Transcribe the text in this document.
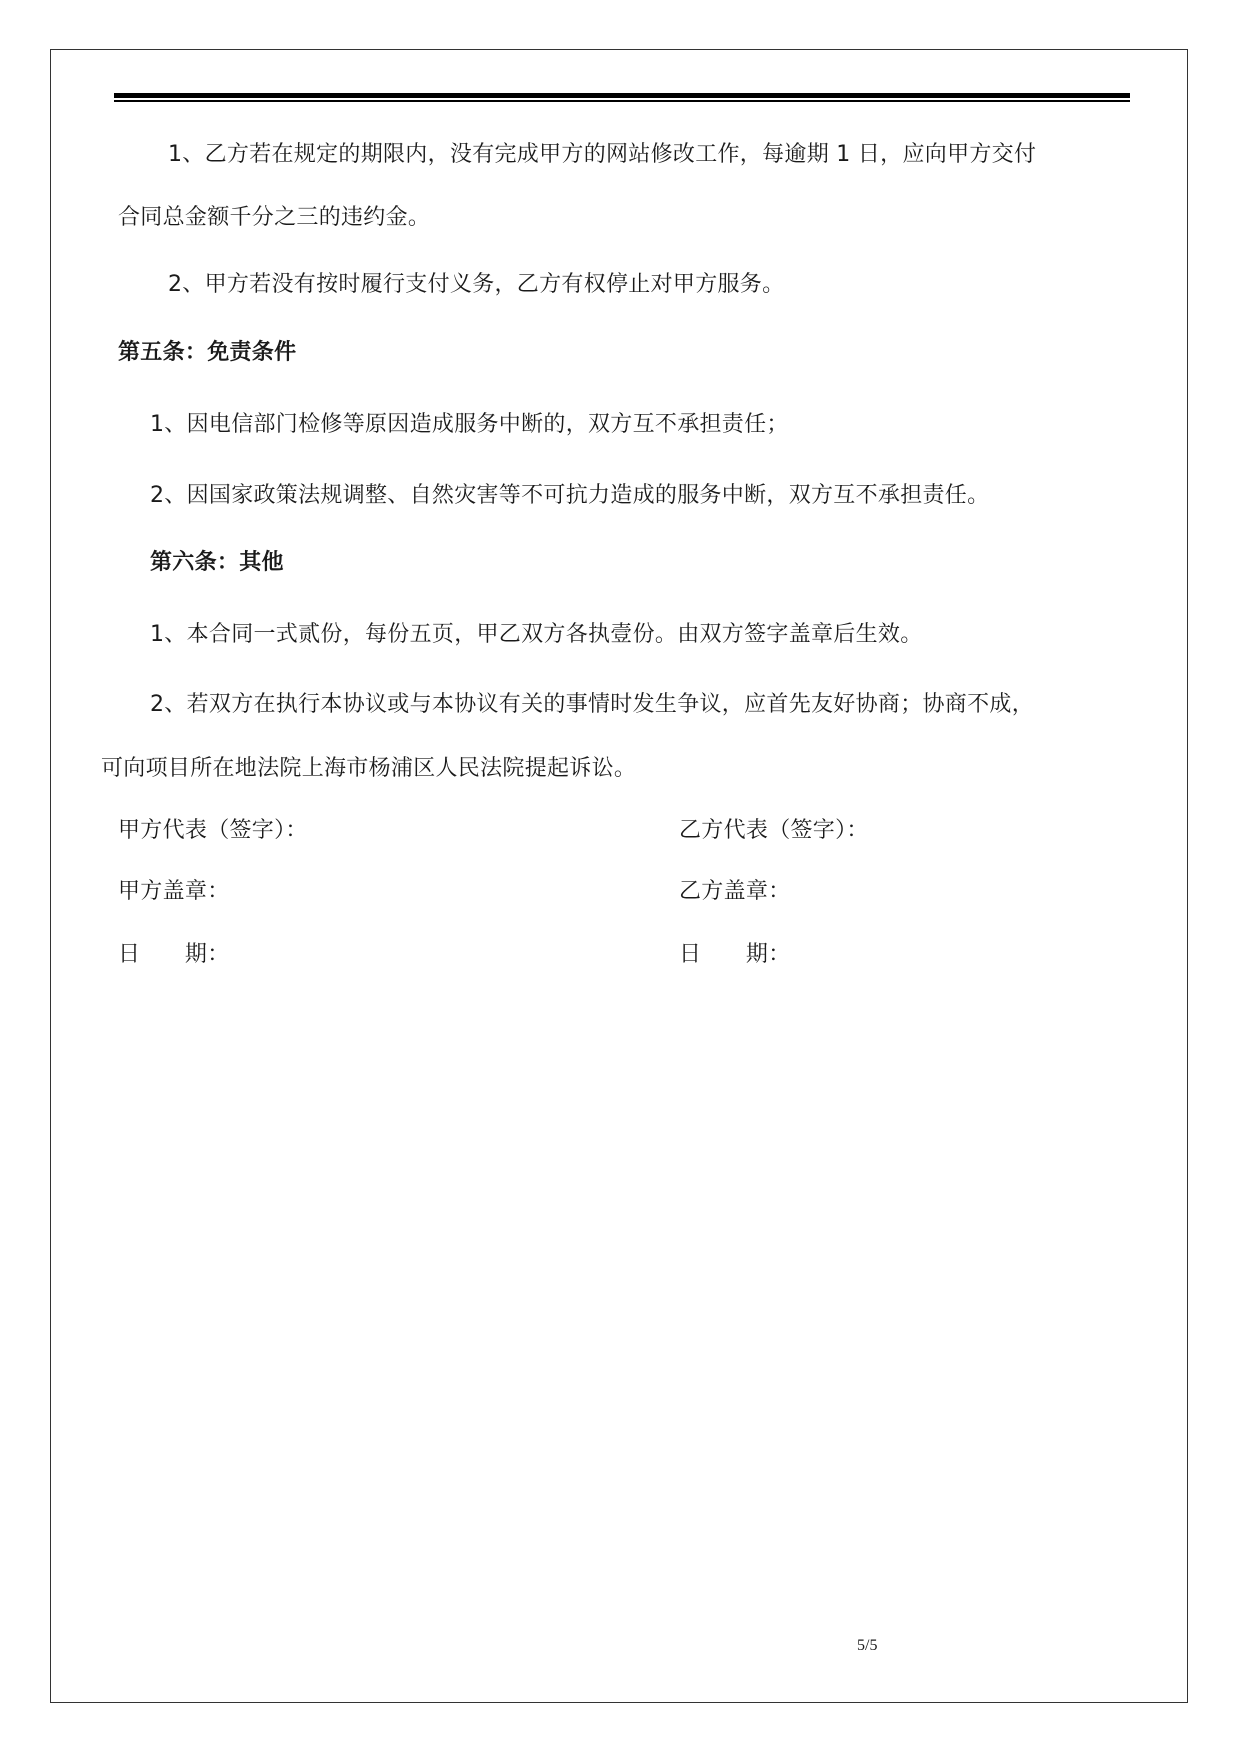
1、乙方若在规定的期限内，没有完成甲方的网站修改工作，每逾期 1 日，应向甲方交付
合同总金额千分之三的违约金。
2、甲方若没有按时履行支付义务，乙方有权停止对甲方服务。
第五条：免责条件
1、因电信部门检修等原因造成服务中断的，双方互不承担责任；
2、因国家政策法规调整、自然灾害等不可抗力造成的服务中断，双方互不承担责任。
第六条：其他
1、本合同一式贰份，每份五页，甲乙双方各执壹份。由双方签字盖章后生效。
2、若双方在执行本协议或与本协议有关的事情时发生争议，应首先友好协商；协商不成，
可向项目所在地法院上海市杨浦区人民法院提起诉讼。
甲方代表（签字）：	乙方代表（签字）：
甲方盖章：	乙方盖章：
日　　期：	日　　期：
5/5
